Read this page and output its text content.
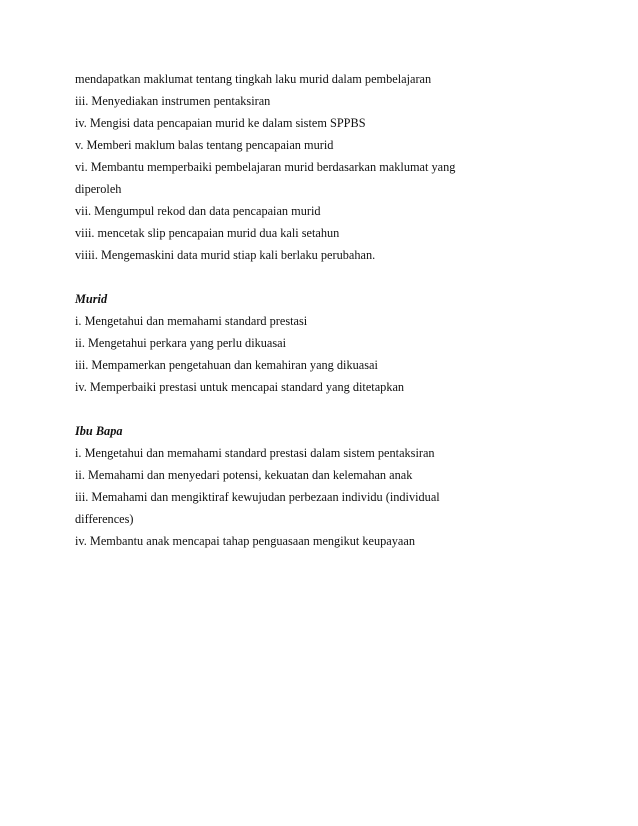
mendapatkan maklumat tentang tingkah laku murid dalam pembelajaran
iii. Menyediakan instrumen pentaksiran
iv. Mengisi data pencapaian murid ke dalam sistem SPPBS
v. Memberi maklum balas tentang pencapaian murid
vi. Membantu memperbaiki pembelajaran murid berdasarkan maklumat yang
diperoleh
vii. Mengumpul rekod dan data pencapaian murid
viii. mencetak slip pencapaian murid dua kali setahun
viiii. Mengemaskini data murid stiap kali berlaku perubahan.
Murid
i. Mengetahui dan memahami standard prestasi
ii. Mengetahui perkara yang perlu dikuasai
iii. Mempamerkan pengetahuan dan kemahiran yang dikuasai
iv. Memperbaiki prestasi untuk mencapai standard yang ditetapkan
Ibu Bapa
i. Mengetahui dan memahami standard prestasi dalam sistem pentaksiran
ii. Memahami dan menyedari potensi, kekuatan dan kelemahan anak
iii. Memahami dan mengiktiraf kewujudan perbezaan individu (individual
differences)
iv. Membantu anak mencapai tahap penguasaan mengikut keupayaan
